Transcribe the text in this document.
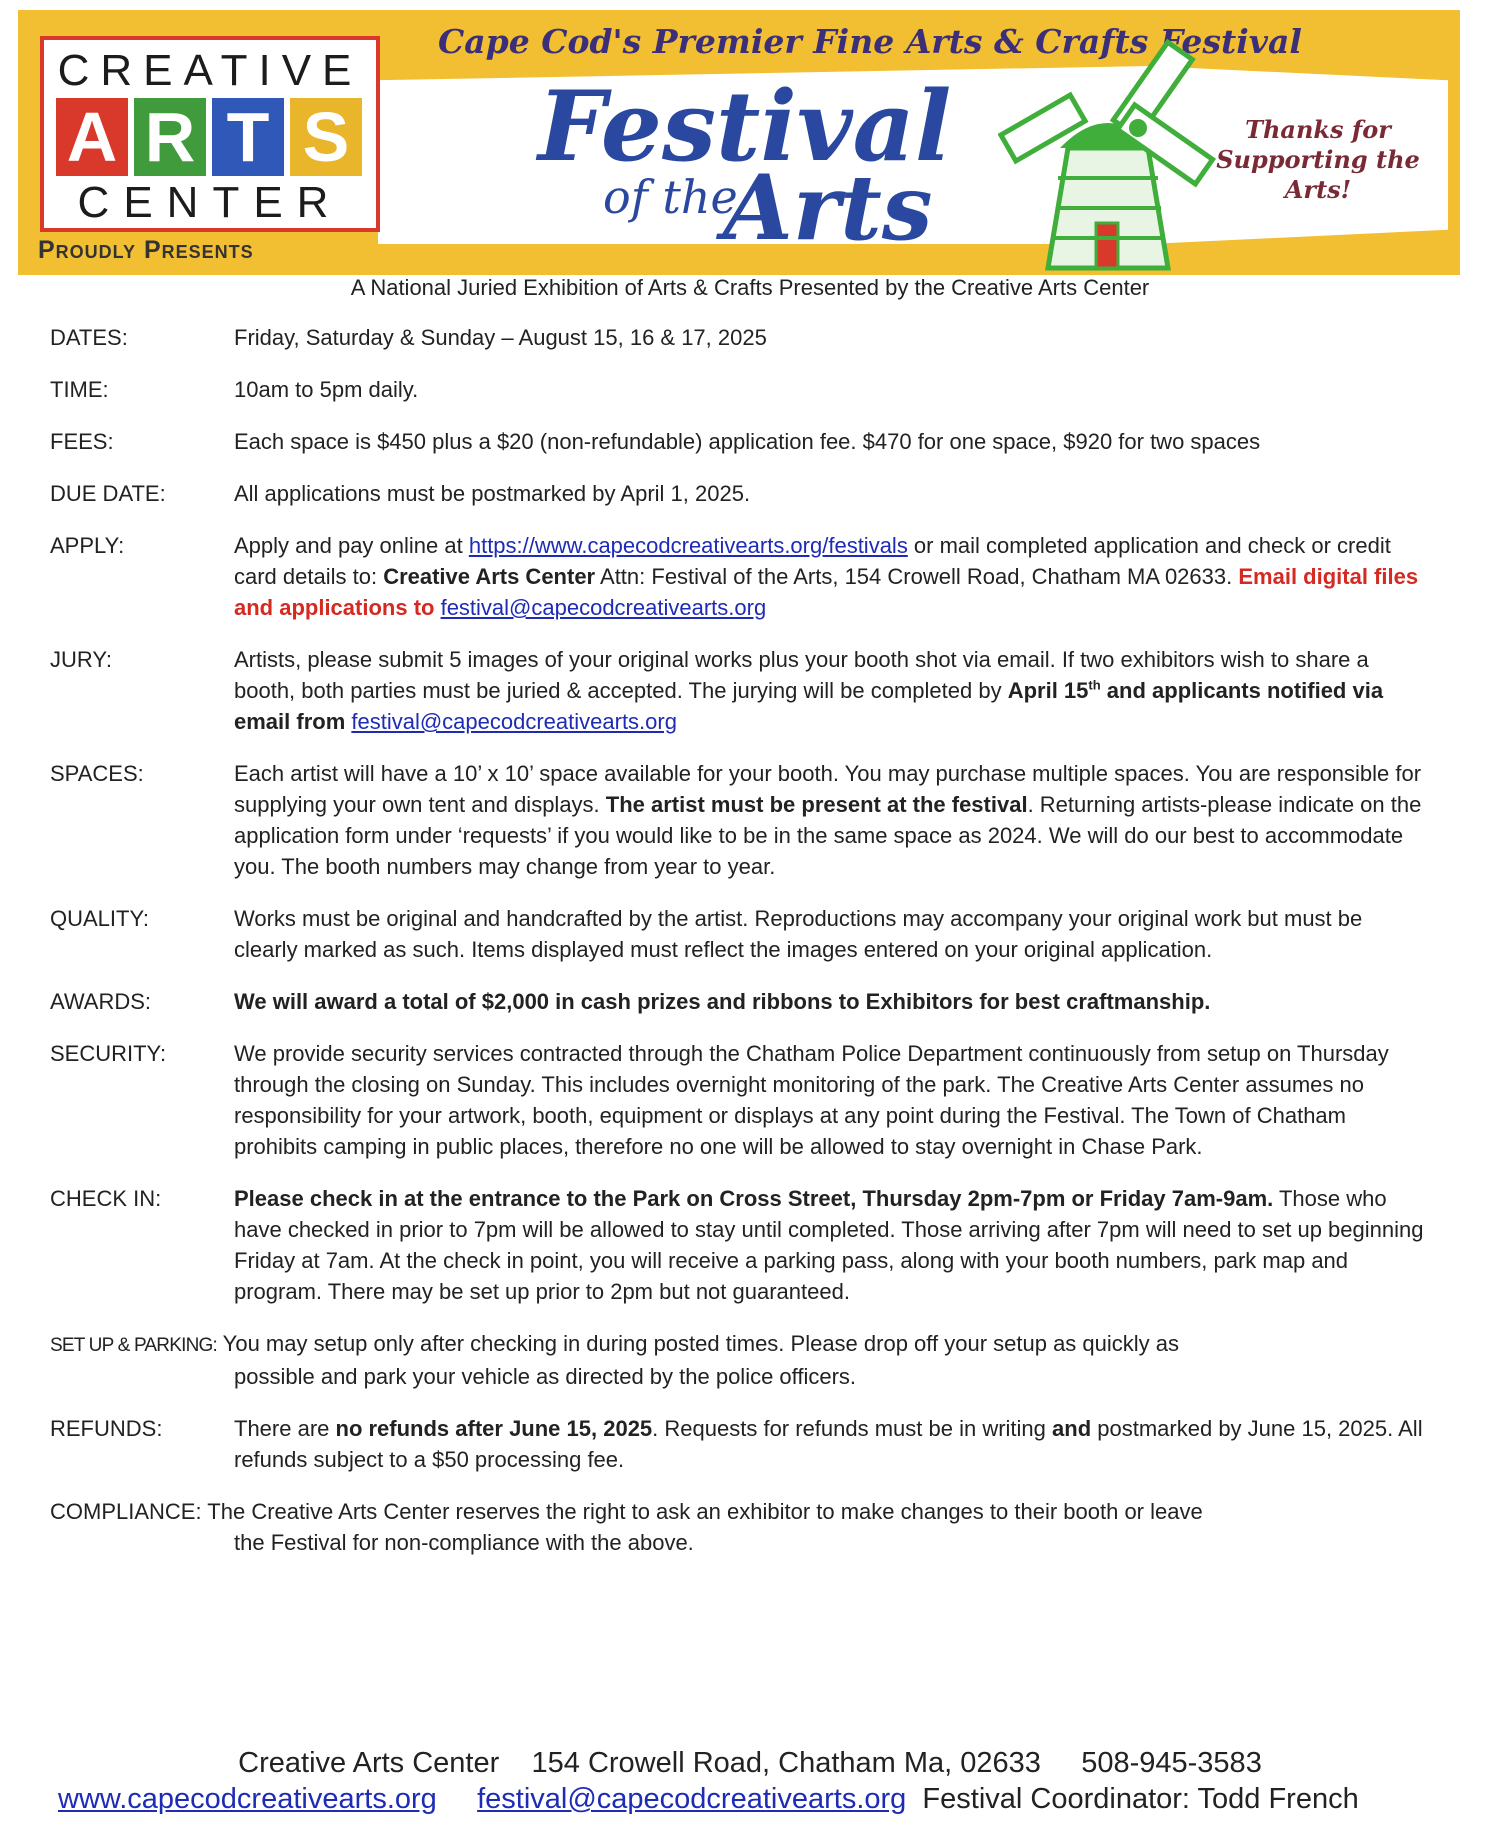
Cape Cod's Premier Fine Arts & Crafts Festival
CREATIVE
A R T S
CENTER
Proudly Presents
Festival
of the
Arts
Thanks for
Supporting the Arts!
A National Juried Exhibition of Arts & Crafts Presented by the Creative Arts Center
DATES:	Friday, Saturday & Sunday – August 15, 16 & 17, 2025
TIME:	10am to 5pm daily.
FEES:	Each space is $450 plus a $20 (non-refundable) application fee. $470 for one space, $920 for two spaces
DUE DATE:	All applications must be postmarked by April 1, 2025.
APPLY:	Apply and pay online at https://www.capecodcreativearts.org/festivals or mail completed application and check or credit card details to: Creative Arts Center Attn: Festival of the Arts, 154 Crowell Road, Chatham MA 02633. Email digital files and applications to festival@capecodcreativearts.org
JURY:	Artists, please submit 5 images of your original works plus your booth shot via email. If two exhibitors wish to share a booth, both parties must be juried & accepted. The jurying will be completed by April 15th and applicants notified via email from festival@capecodcreativearts.org
SPACES:	Each artist will have a 10’ x 10’ space available for your booth. You may purchase multiple spaces. You are responsible for supplying your own tent and displays. The artist must be present at the festival. Returning artists-please indicate on the application form under ‘requests’ if you would like to be in the same space as 2024. We will do our best to accommodate you. The booth numbers may change from year to year.
QUALITY:	Works must be original and handcrafted by the artist. Reproductions may accompany your original work but must be clearly marked as such. Items displayed must reflect the images entered on your original application.
AWARDS:	We will award a total of $2,000 in cash prizes and ribbons to Exhibitors for best craftmanship.
SECURITY:	We provide security services contracted through the Chatham Police Department continuously from setup on Thursday through the closing on Sunday. This includes overnight monitoring of the park. The Creative Arts Center assumes no responsibility for your artwork, booth, equipment or displays at any point during the Festival. The Town of Chatham prohibits camping in public places, therefore no one will be allowed to stay overnight in Chase Park.
CHECK IN:	Please check in at the entrance to the Park on Cross Street, Thursday 2pm-7pm or Friday 7am-9am. Those who have checked in prior to 7pm will be allowed to stay until completed. Those arriving after 7pm will need to set up beginning Friday at 7am. At the check in point, you will receive a parking pass, along with your booth numbers, park map and program. There may be set up prior to 2pm but not guaranteed.
SET UP & PARKING: You may setup only after checking in during posted times. Please drop off your setup as quickly as
possible and park your vehicle as directed by the police officers.
REFUNDS:	There are no refunds after June 15, 2025. Requests for refunds must be in writing and postmarked by June 15, 2025. All refunds subject to a $50 processing fee.
COMPLIANCE: The Creative Arts Center reserves the right to ask an exhibitor to make changes to their booth or leave
the Festival for non-compliance with the above.
Creative Arts Center 154 Crowell Road, Chatham Ma, 02633 508-945-3583
www.capecodcreativearts.org festival@capecodcreativearts.org Festival Coordinator: Todd French
